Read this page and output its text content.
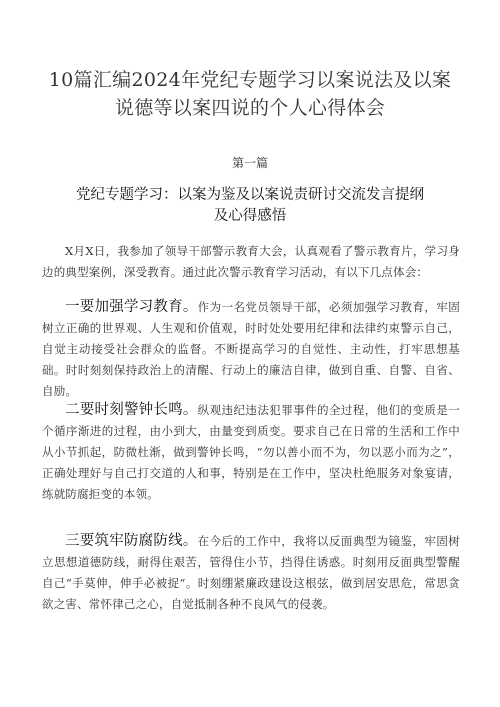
10篇汇编2024年党纪专题学习以案说法及以案说德等以案四说的个人心得体会
第一篇
党纪专题学习：以案为鉴及以案说责研讨交流发言提纲及心得感悟

X月X日，我参加了领导干部警示教育大会，认真观看了警示教育片，学习身边的典型案例，深受教育。通过此次警示教育学习活动，有以下几点体会：

一要加强学习教育。作为一名党员领导干部，必须加强学习教育，牢固树立正确的世界观、人生观和价值观，时时处处要用纪律和法律约束警示自己，自觉主动接受社会群众的监督。不断提高学习的自觉性、主动性，打牢思想基础。时时刻刻保持政治上的清醒、行动上的廉洁自律，做到自重、自警、自省、自励。

二要时刻警钟长鸣。纵观违纪违法犯罪事件的全过程，他们的变质是一个循序渐进的过程，由小到大，由量变到质变。要求自己在日常的生活和工作中从小节抓起，防微杜渐，做到警钟长鸣，“勿以善小而不为，勿以恶小而为之”，正确处理好与自己打交道的人和事，特别是在工作中，坚决杜绝服务对象宴请，练就防腐拒变的本领。

三要筑牢防腐防线。在今后的工作中，我将以反面典型为镜鉴，牢固树立思想道德防线，耐得住艰苦，管得住小节，挡得住诱惑。时刻用反面典型警醒自己“手莫伸，伸手必被捉“。时刻绷紧廉政建设这根弦，做到居安思危，常思贪欲之害、常怀律己之心，自觉抵制各种不良风气的侵袭。
